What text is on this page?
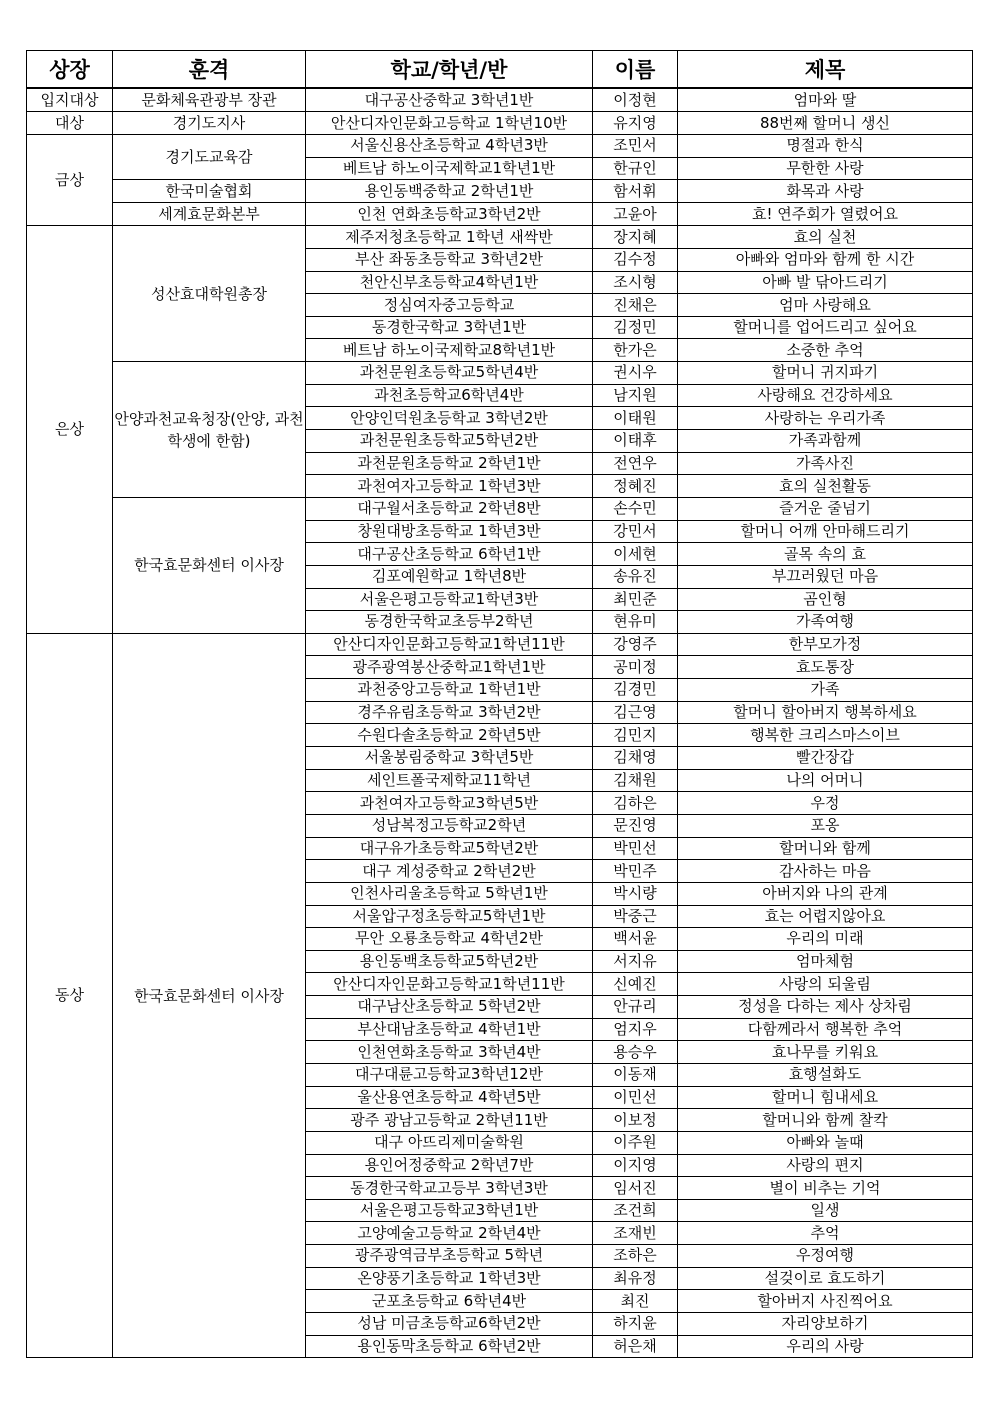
상장	훈격	학교/학년/반	이름	제목
입지대상	문화체육관광부 장관	대구공산중학교 3학년1반	이정현	엄마와 딸
대상	경기도지사	안산디자인문화고등학교 1학년10반	유지영	88번째 할머니 생신
금상	경기도교육감	서울신용산초등학교 4학년3반	조민서	명절과 한식
		베트남 하노이국제학교1학년1반	한규인	무한한 사랑
	한국미술협회	용인동백중학교 2학년1반	함서휘	화목과 사랑
	세계효문화본부	인천 연화초등학교3학년2반	고윤아	효! 연주회가 열렸어요
은상	성산효대학원총장	제주저청초등학교 1학년 새싹반	장지혜	효의 실천
		부산 좌동초등학교 3학년2반	김수정	아빠와 엄마와 함께 한 시간
		천안신부초등학교4학년1반	조시형	아빠 발 닦아드리기
		정심여자중고등학교	진채은	엄마 사랑해요
		동경한국학교 3학년1반	김정민	할머니를 업어드리고 싶어요
		베트남 하노이국제학교8학년1반	한가은	소중한 추억
	안양과천교육청장(안양, 과천학생에 한함)	과천문원초등학교5학년4반	권시우	할머니 귀지파기
		과천초등학교6학년4반	남지원	사랑해요 건강하세요
		안양인덕원초등학교 3학년2반	이태원	사랑하는 우리가족
		과천문원초등학교5학년2반	이태후	가족과함께
		과천문원초등학교 2학년1반	전연우	가족사진
		과천여자고등학교 1학년3반	정혜진	효의 실천활동
	한국효문화센터 이사장	대구월서초등학교 2학년8반	손수민	즐거운 줄넘기
		창원대방초등학교 1학년3반	강민서	할머니 어깨 안마해드리기
		대구공산초등학교 6학년1반	이세현	골목 속의 효
		김포예원학교 1학년8반	송유진	부끄러웠던 마음
		서울은평고등학교1학년3반	최민준	곰인형
		동경한국학교초등부2학년	현유미	가족여행
동상	한국효문화센터 이사장	안산디자인문화고등학교1학년11반	강영주	한부모가정
		광주광역봉산중학교1학년1반	공미정	효도통장
		과천중앙고등학교 1학년1반	김경민	가족
		경주유림초등학교 3학년2반	김근영	할머니 할아버지 행복하세요
		수원다솔초등학교 2학년5반	김민지	행복한 크리스마스이브
		서울봉림중학교 3학년5반	김채영	빨간장갑
		세인트폴국제학교11학년	김채원	나의 어머니
		과천여자고등학교3학년5반	김하은	우정
		성남복정고등학교2학년	문진영	포옹
		대구유가초등학교5학년2반	박민선	할머니와 함께
		대구 계성중학교 2학년2반	박민주	감사하는 마음
		인천사리울초등학교 5학년1반	박시량	아버지와 나의 관계
		서울압구정초등학교5학년1반	박중근	효는 어렵지않아요
		무안 오룡초등학교 4학년2반	백서윤	우리의 미래
		용인동백초등학교5학년2반	서지유	엄마체험
		안산디자인문화고등학교1학년11반	신예진	사랑의 되울림
		대구남산초등학교 5학년2반	안규리	정성을 다하는 제사 상차림
		부산대남초등학교 4학년1반	엄지우	다함께라서 행복한 추억
		인천연화초등학교 3학년4반	용승우	효나무를 키워요
		대구대륜고등학교3학년12반	이동재	효행설화도
		울산용연초등학교 4학년5반	이민선	할머니 힘내세요
		광주 광남고등학교 2학년11반	이보정	할머니와 함께 찰칵
		대구 아뜨리제미술학원	이주원	아빠와 놀때
		용인어정중학교 2학년7반	이지영	사랑의 편지
		동경한국학교고등부 3학년3반	임서진	별이 비추는 기억
		서울은평고등학교3학년1반	조건희	일생
		고양예술고등학교 2학년4반	조재빈	추억
		광주광역금부초등학교 5학년	조하은	우정여행
		온양풍기초등학교 1학년3반	최유정	설겆이로 효도하기
		군포초등학교 6학년4반	최진	할아버지 사진찍어요
		성남 미금초등학교6학년2반	하지윤	자리양보하기
		용인동막초등학교 6학년2반	허은채	우리의 사랑
